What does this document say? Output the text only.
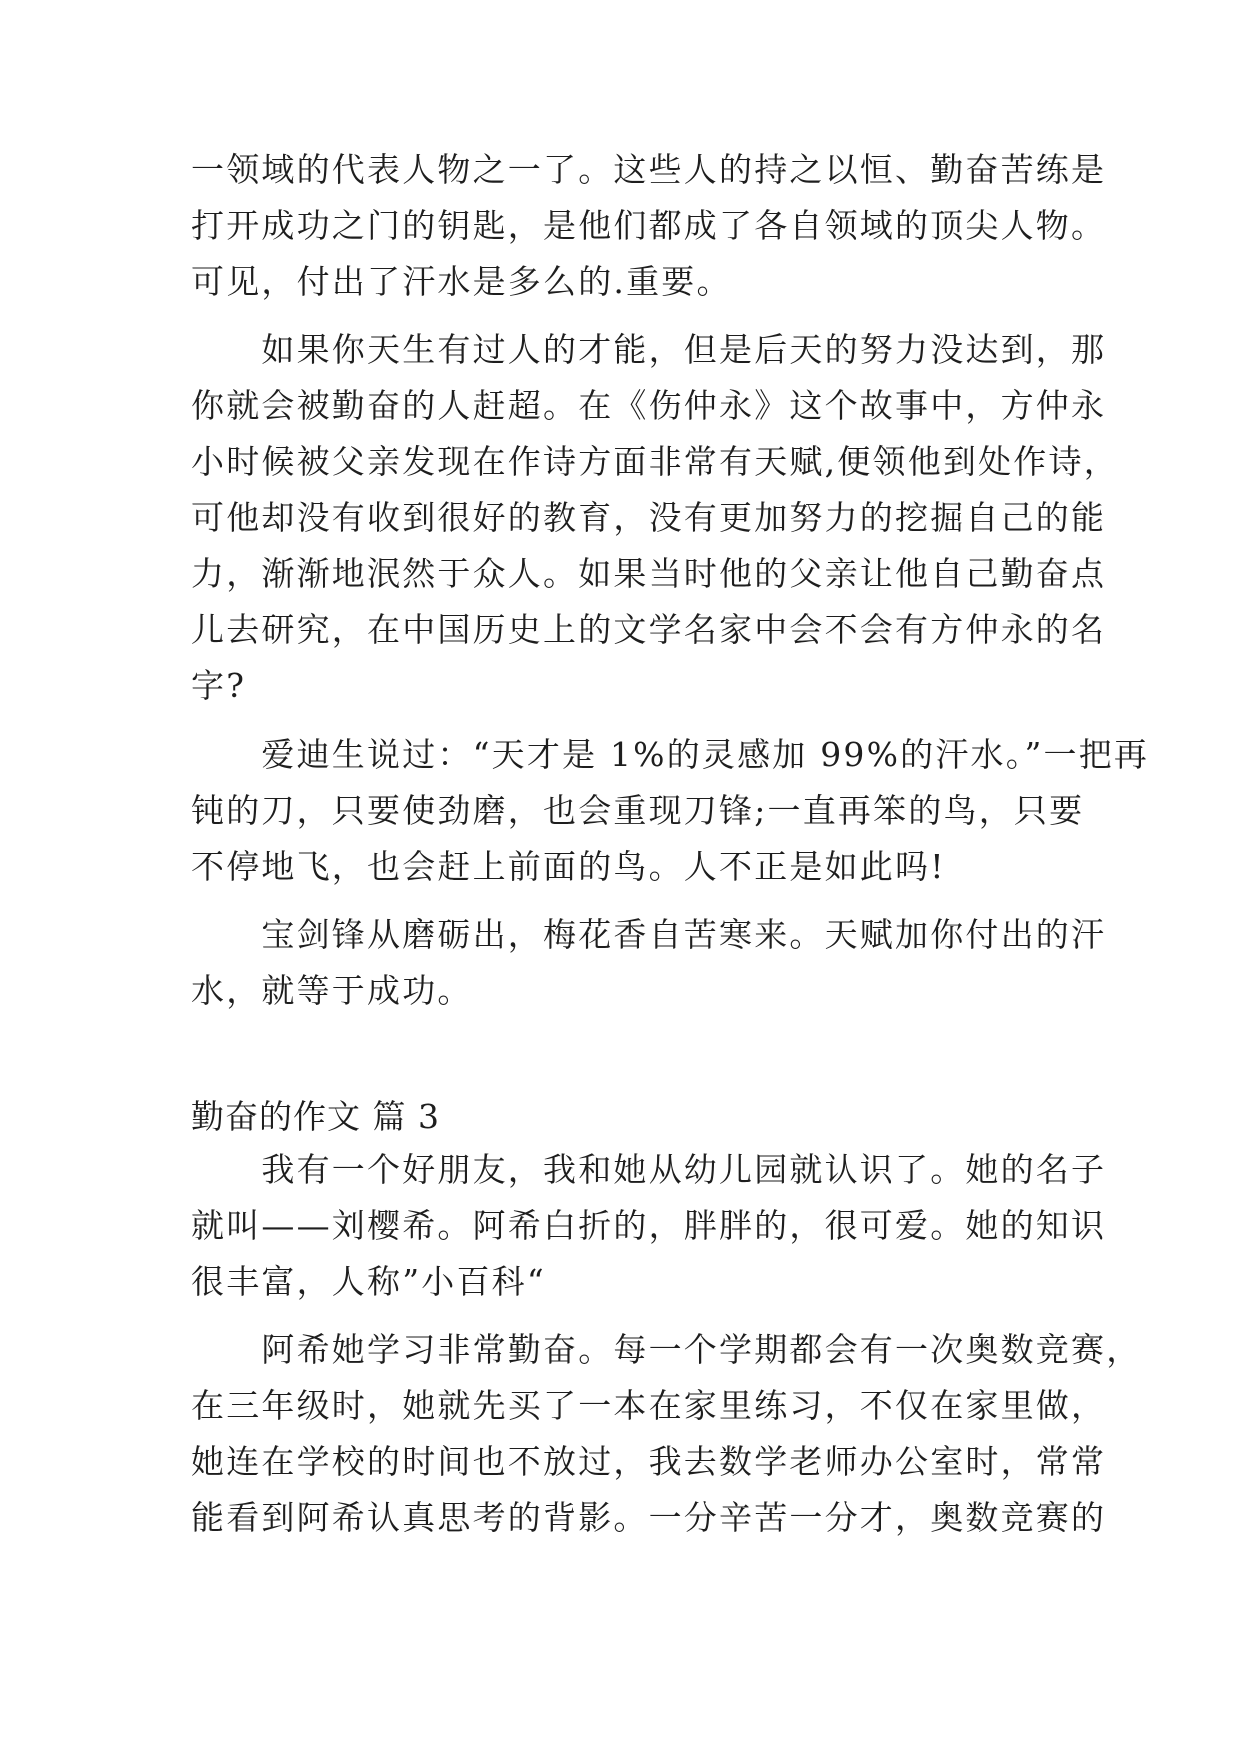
一领域的代表人物之一了。这些人的持之以恒、勤奋苦练是
打开成功之门的钥匙，是他们都成了各自领域的顶尖人物。
可见，付出了汗水是多么的.重要。
　　如果你天生有过人的才能，但是后天的努力没达到，那
你就会被勤奋的人赶超。在《伤仲永》这个故事中，方仲永
小时候被父亲发现在作诗方面非常有天赋,便领他到处作诗，
可他却没有收到很好的教育，没有更加努力的挖掘自己的能
力，渐渐地泯然于众人。如果当时他的父亲让他自己勤奋点
儿去研究，在中国历史上的文学名家中会不会有方仲永的名
字?
　　爱迪生说过：“天才是 1%的灵感加 99%的汗水。”一把再
钝的刀，只要使劲磨，也会重现刀锋;一直再笨的鸟，只要
不停地飞，也会赶上前面的鸟。人不正是如此吗!
　　宝剑锋从磨砺出，梅花香自苦寒来。天赋加你付出的汗
水，就等于成功。
勤奋的作文 篇 3
　　我有一个好朋友，我和她从幼儿园就认识了。她的名子
就叫——刘樱希。阿希白折的，胖胖的，很可爱。她的知识
很丰富，人称”小百科“
　　阿希她学习非常勤奋。每一个学期都会有一次奥数竞赛，
在三年级时，她就先买了一本在家里练习，不仅在家里做，
她连在学校的时间也不放过，我去数学老师办公室时，常常
能看到阿希认真思考的背影。一分辛苦一分才，奥数竞赛的
